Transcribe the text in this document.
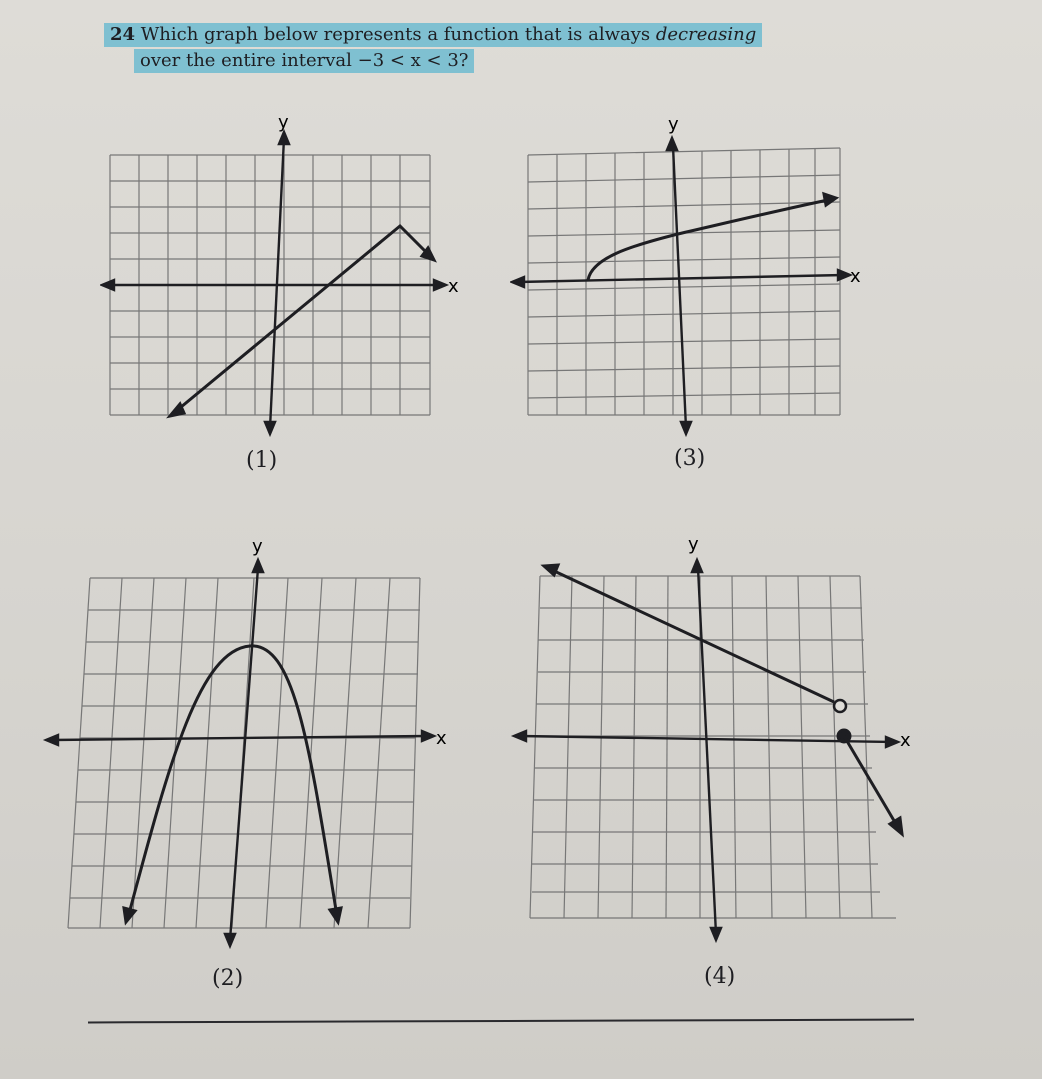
24 Which graph below represents a function that is always decreasing
over the entire interval −3 < x < 3?
x
y
(1)
x
y
(3)
x
y
(2)
x
y
(4)
